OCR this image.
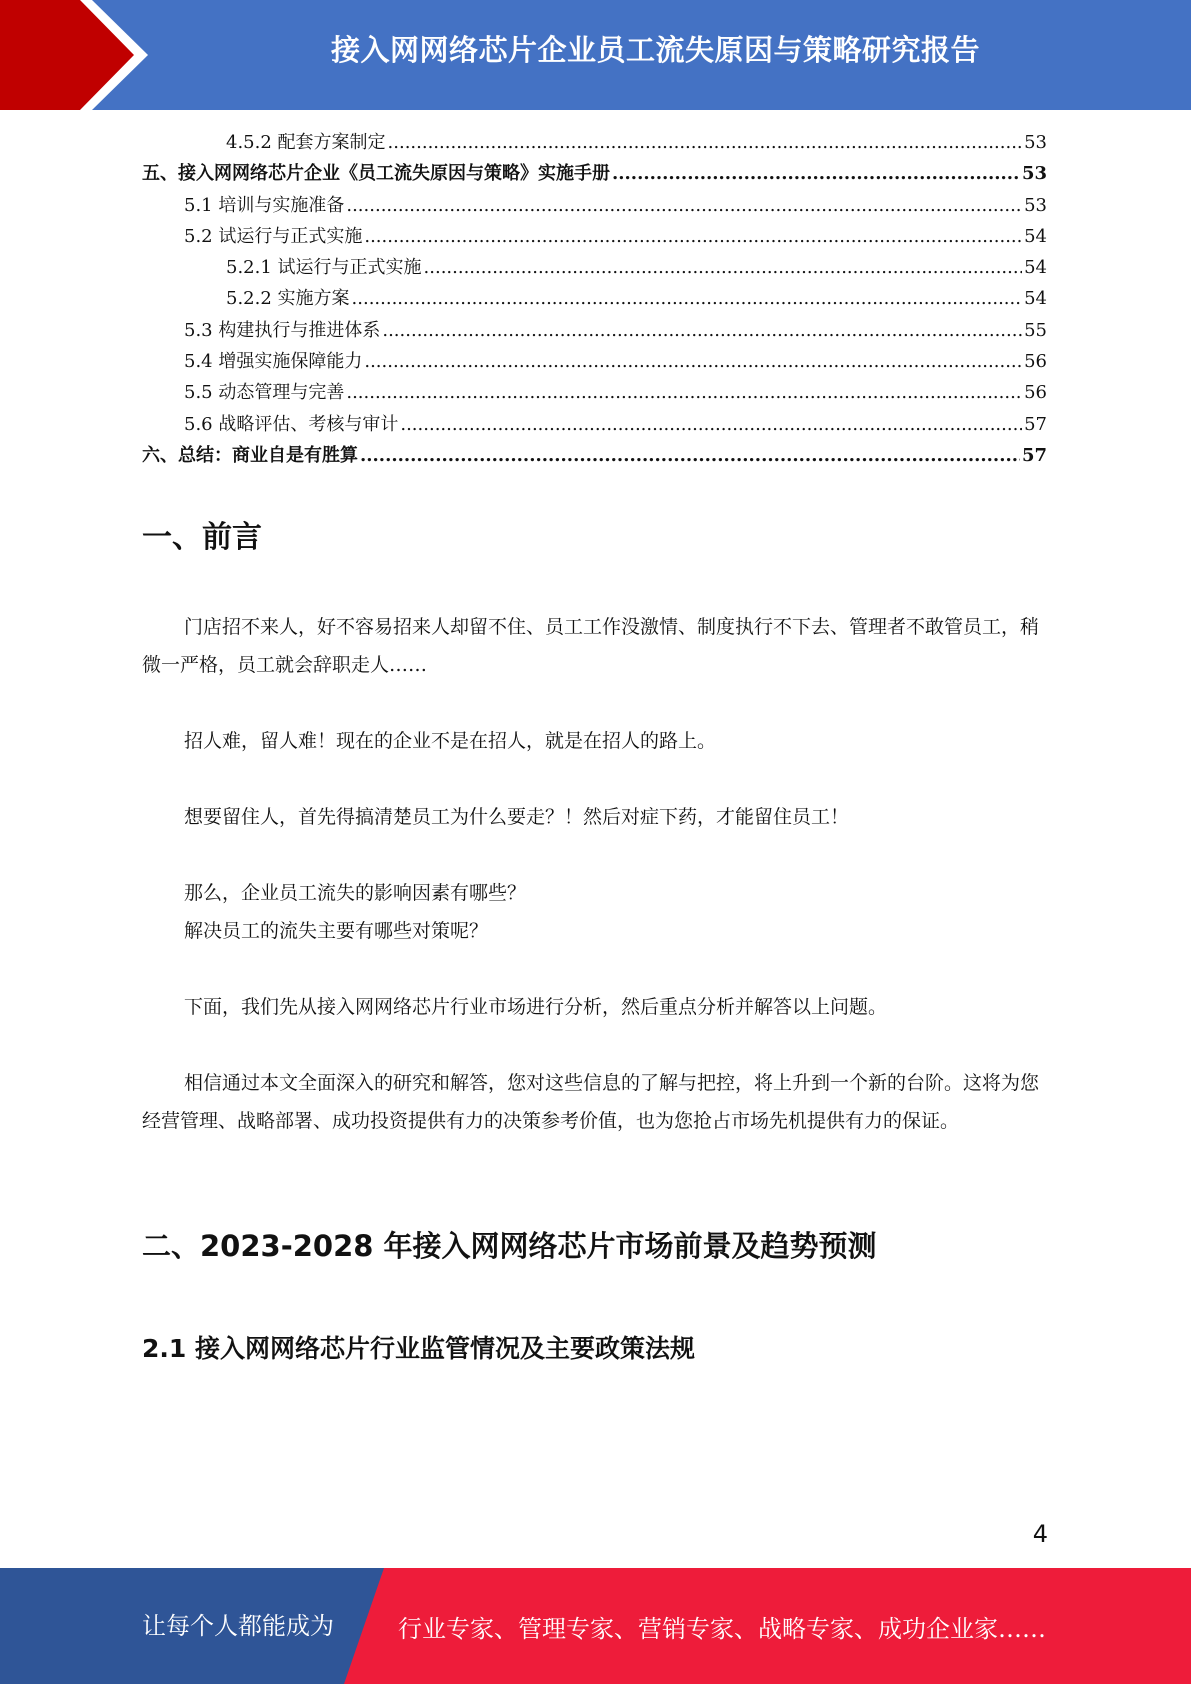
接入网网络芯片企业员工流失原因与策略研究报告
4.5.2 配套方案制定 .....	53
五、接入网网络芯片企业《员工流失原因与策略》实施手册 .....	53
5.1 培训与实施准备 .....	53
5.2 试运行与正式实施 .....	54
5.2.1 试运行与正式实施 .....	54
5.2.2 实施方案 .....	54
5.3 构建执行与推进体系 .....	55
5.4 增强实施保障能力 .....	56
5.5 动态管理与完善 .....	56
5.6 战略评估、考核与审计 .....	57
六、总结：商业自是有胜算 .....	57
一、前言

门店招不来人，好不容易招来人却留不住、员工工作没激情、制度执行不下去、管理者不敢管员工，稍微一严格，员工就会辞职走人……

招人难，留人难！现在的企业不是在招人，就是在招人的路上。

想要留住人，首先得搞清楚员工为什么要走？！然后对症下药，才能留住员工！

那么，企业员工流失的影响因素有哪些？

解决员工的流失主要有哪些对策呢？

下面，我们先从接入网网络芯片行业市场进行分析，然后重点分析并解答以上问题。

相信通过本文全面深入的研究和解答，您对这些信息的了解与把控，将上升到一个新的台阶。这将为您经营管理、战略部署、成功投资提供有力的决策参考价值，也为您抢占市场先机提供有力的保证。

二、2023-2028 年接入网网络芯片市场前景及趋势预测
2.1 接入网网络芯片行业监管情况及主要政策法规
4
让每个人都能成为	行业专家、管理专家、营销专家、战略专家、成功企业家……
